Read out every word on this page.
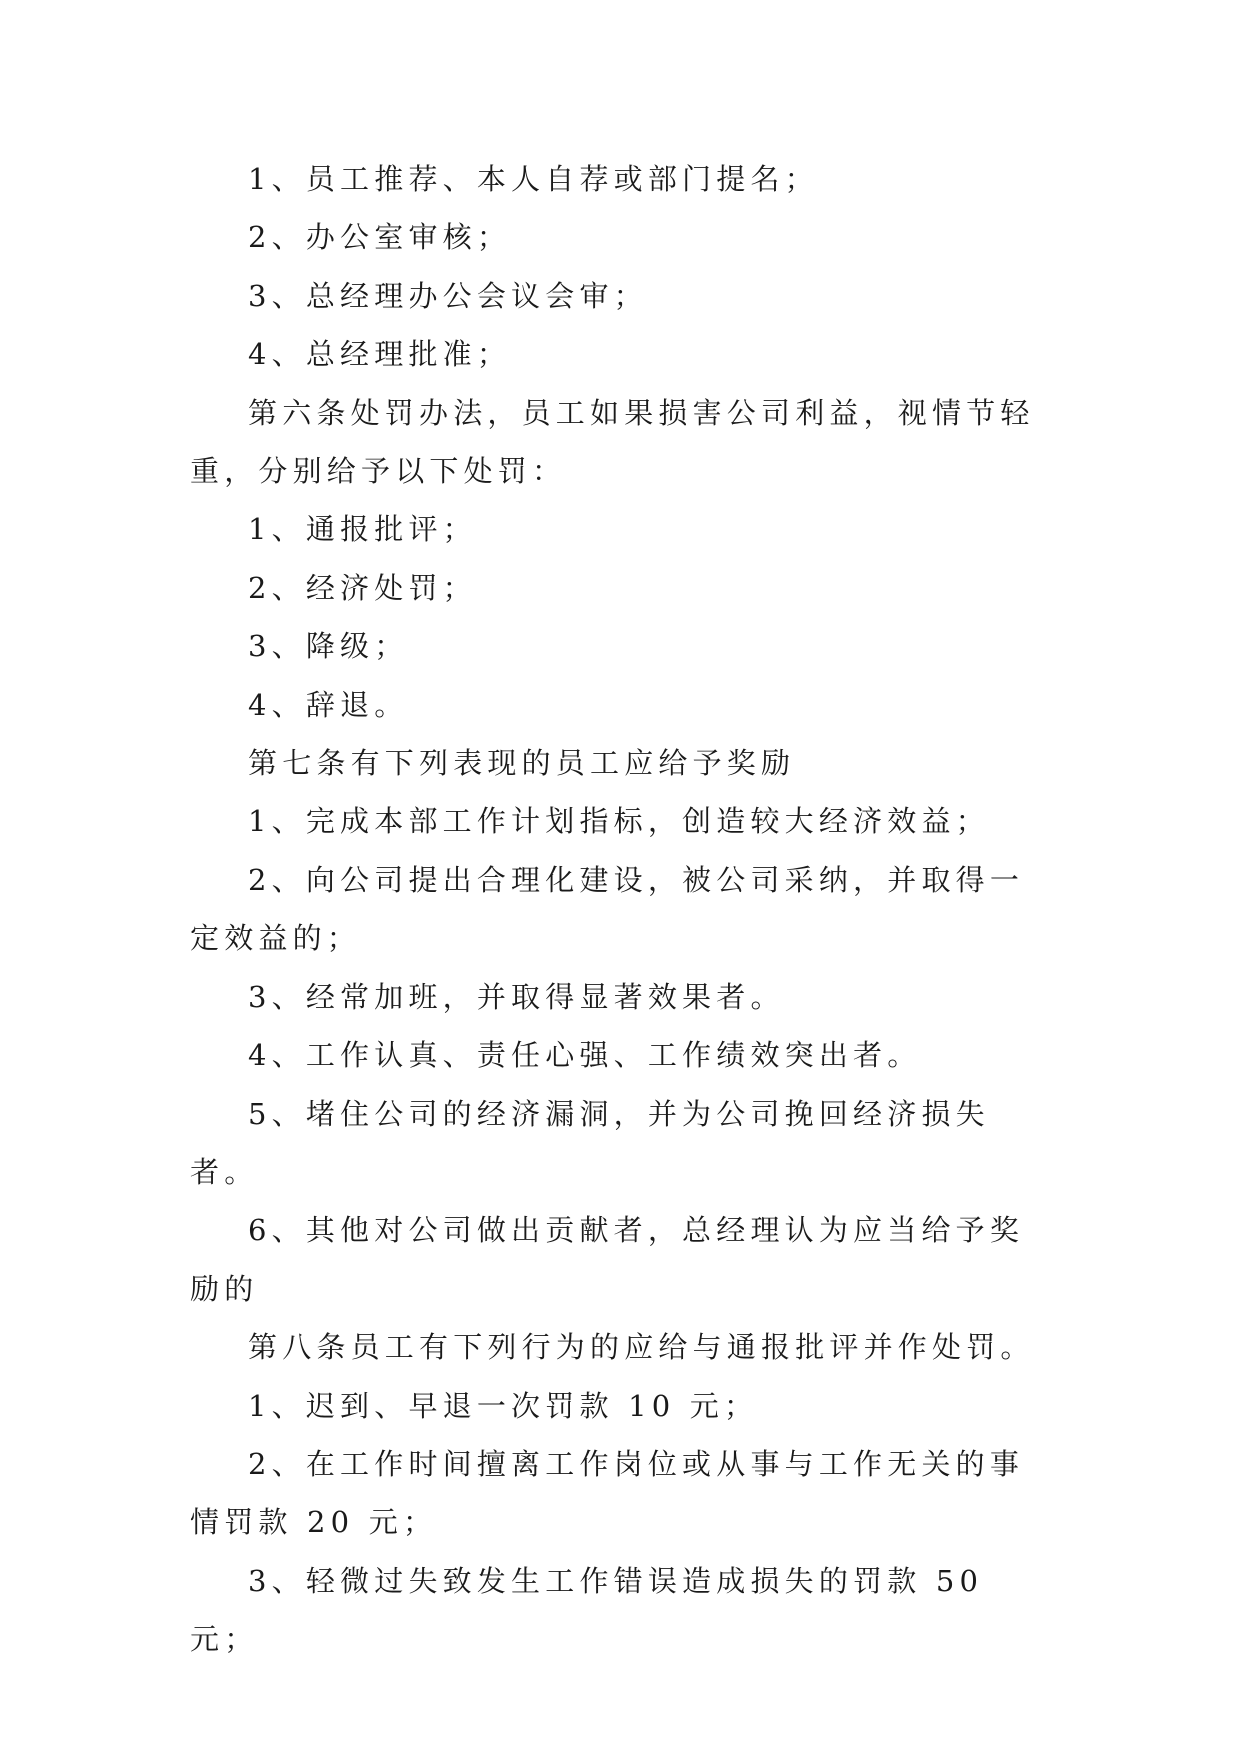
1、员工推荐、本人自荐或部门提名；

2、办公室审核；

3、总经理办公会议会审；

4、总经理批准；

第六条处罚办法，员工如果损害公司利益，视情节轻重，分别给予以下处罚：

1、通报批评；

2、经济处罚；

3、降级；

4、辞退。

第七条有下列表现的员工应给予奖励

1、完成本部工作计划指标，创造较大经济效益；

2、向公司提出合理化建设，被公司采纳，并取得一定效益的；

3、经常加班，并取得显著效果者。

4、工作认真、责任心强、工作绩效突出者。

5、堵住公司的经济漏洞，并为公司挽回经济损失者。

6、其他对公司做出贡献者，总经理认为应当给予奖励的

第八条员工有下列行为的应给与通报批评并作处罚。

1、迟到、早退一次罚款 10 元；

2、在工作时间擅离工作岗位或从事与工作无关的事情罚款 20 元；

3、轻微过失致发生工作错误造成损失的罚款 50 元；
